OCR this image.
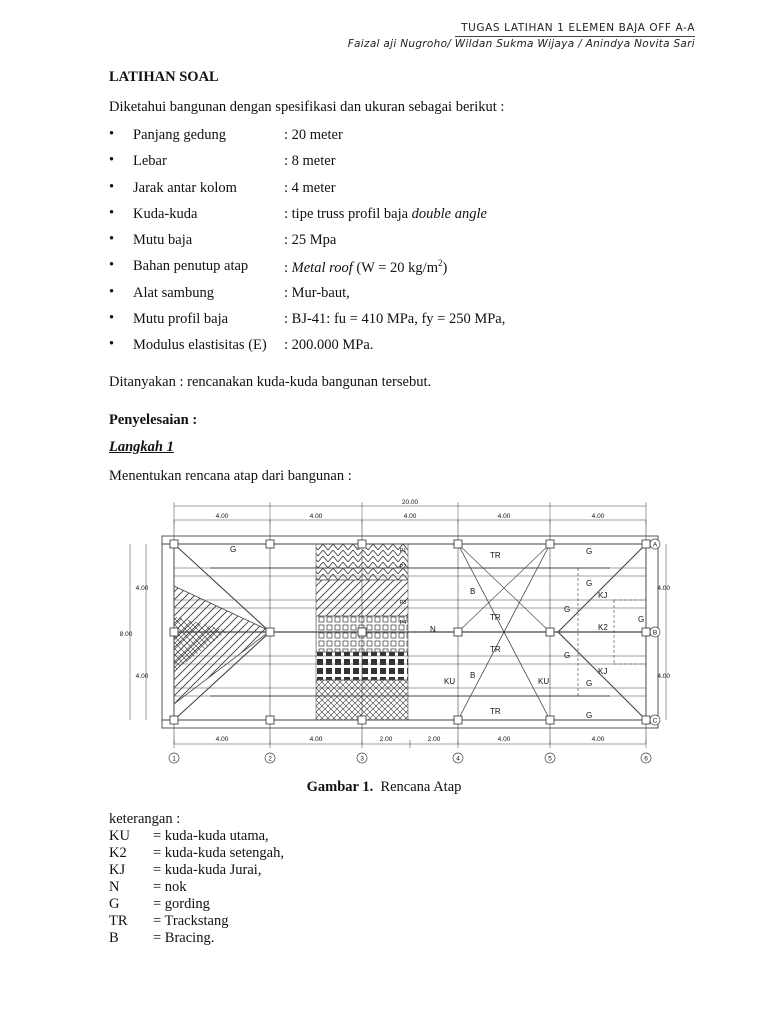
TUGAS LATIHAN 1 ELEMEN BAJA OFF A-A
Faizal aji Nugroho/ Wildan Sukma Wijaya / Anindya Novita Sari
LATIHAN SOAL
Diketahui bangunan dengan spesifikasi dan ukuran sebagai berikut :
• Panjang gedung	: 20 meter
• Lebar	: 8 meter
• Jarak antar kolom	: 4 meter
• Kuda-kuda	: tipe truss profil baja double angle
• Mutu baja	: 25 Mpa
• Bahan penutup atap : Metal roof (W = 20 $kg/m^2$)
• Alat sambung	: Mur-baut,
• Mutu profil baja	: BJ-41: fu = 410 MPa, fy = 250 MPa,
• Modulus elastisitas (E) : 200.000 MPa.
Ditanyakan : rencanakan kuda-kuda bangunan tersebut.
Penyelesaian :
Langkah 1
Menentukan rencana atap dari bangunan :
20.00
4.00	4.00	4.00	4.00	4.00
4.00	4.00	2.00	2.00	4.00	4.00
8.00
4.00
4.00
4.00
4.00
1	2	3	4	5	6
A
B
C
P1
P2
P3
P4
G
TR
TR
TR
TR
B
B
N
KU	KU
KJ
KJ
K2
G
G
G
G
G
G
G
Gambar 1. Rencana Atap
keterangan :
KU = kuda-kuda utama,
K2 = kuda-kuda setengah,
KJ = kuda-kuda Jurai,
N = nok
G = gording
TR = Trackstang
B = Bracing.
